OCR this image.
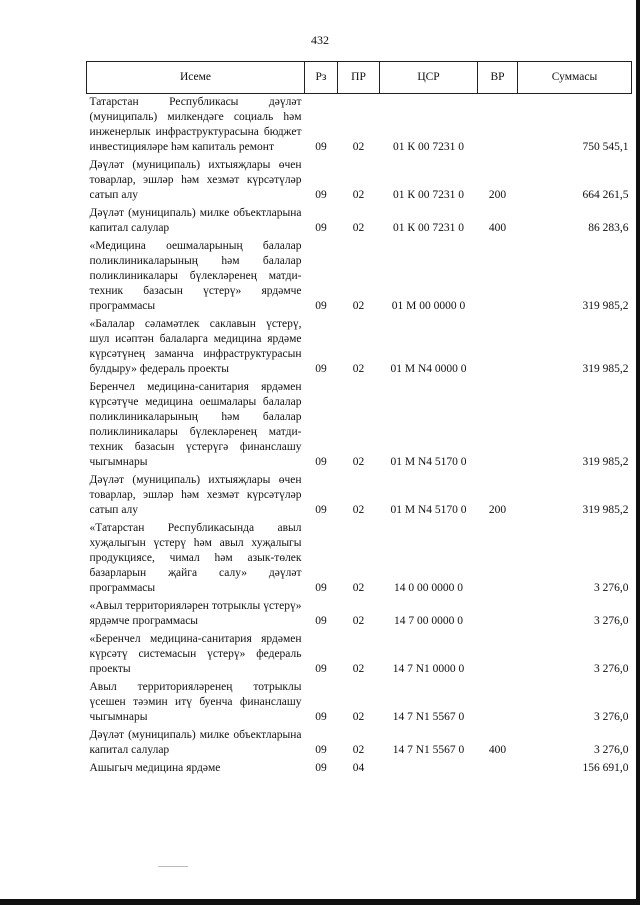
432
Исеме	Рз	ПР	ЦСР	ВР	Суммасы
Татарстан Республикасы дәүләт (муниципаль) милкендәге социаль һәм инженерлык инфраструктурасына бюджет инвестицияләре һәм капиталь ремонт	09	02	01 К 00 7231 0		750 545,1
Дәүләт (муниципаль) ихтыяҗлары өчен товарлар, эшләр һәм хезмәт күрсәтүләр сатып алу	09	02	01 К 00 7231 0	200	664 261,5
Дәүләт (муниципаль) милке объектларына капитал салулар	09	02	01 К 00 7231 0	400	86 283,6
«Медицина оешмаларының балалар поликлиникаларының һәм балалар поликлиникалары бүлекләренең матди-техник базасын үстерү» ярдәмче программасы	09	02	01 М 00 0000 0		319 985,2
«Балалар сәламәтлек саклавын үстерү, шул исәптән балаларга медицина ярдәме күрсәтүнең заманча инфраструктурасын булдыру» федераль проекты	09	02	01 М N4 0000 0		319 985,2
Беренчел медицина-санитария ярдәмен күрсәтүче медицина оешмалары балалар поликлиникаларының һәм балалар поликлиникалары бүлекләренең матди-техник базасын үстерүгә финанслашу чыгымнары	09	02	01 М N4 5170 0		319 985,2
Дәүләт (муниципаль) ихтыяҗлары өчен товарлар, эшләр һәм хезмәт күрсәтүләр сатып алу	09	02	01 М N4 5170 0	200	319 985,2
«Татарстан Республикасында авыл хуҗалыгын үстерү һәм авыл хуҗалыгы продукциясе, чимал һәм азык-төлек базарларын җайга салу» дәүләт программасы	09	02	14 0 00 0000 0		3 276,0
«Авыл территорияләрен тотрыклы үстерү» ярдәмче программасы	09	02	14 7 00 0000 0		3 276,0
«Беренчел медицина-санитария ярдәмен күрсәтү системасын үстерү» федераль проекты	09	02	14 7 N1 0000 0		3 276,0
Авыл территорияләренең тотрыклы үсешен тәэмин итү буенча финанслашу чыгымнары	09	02	14 7 N1 5567 0		3 276,0
Дәүләт (муниципаль) милке объектларына капитал салулар	09	02	14 7 N1 5567 0	400	3 276,0
Ашыгыч медицина ярдәме	09	04			156 691,0
